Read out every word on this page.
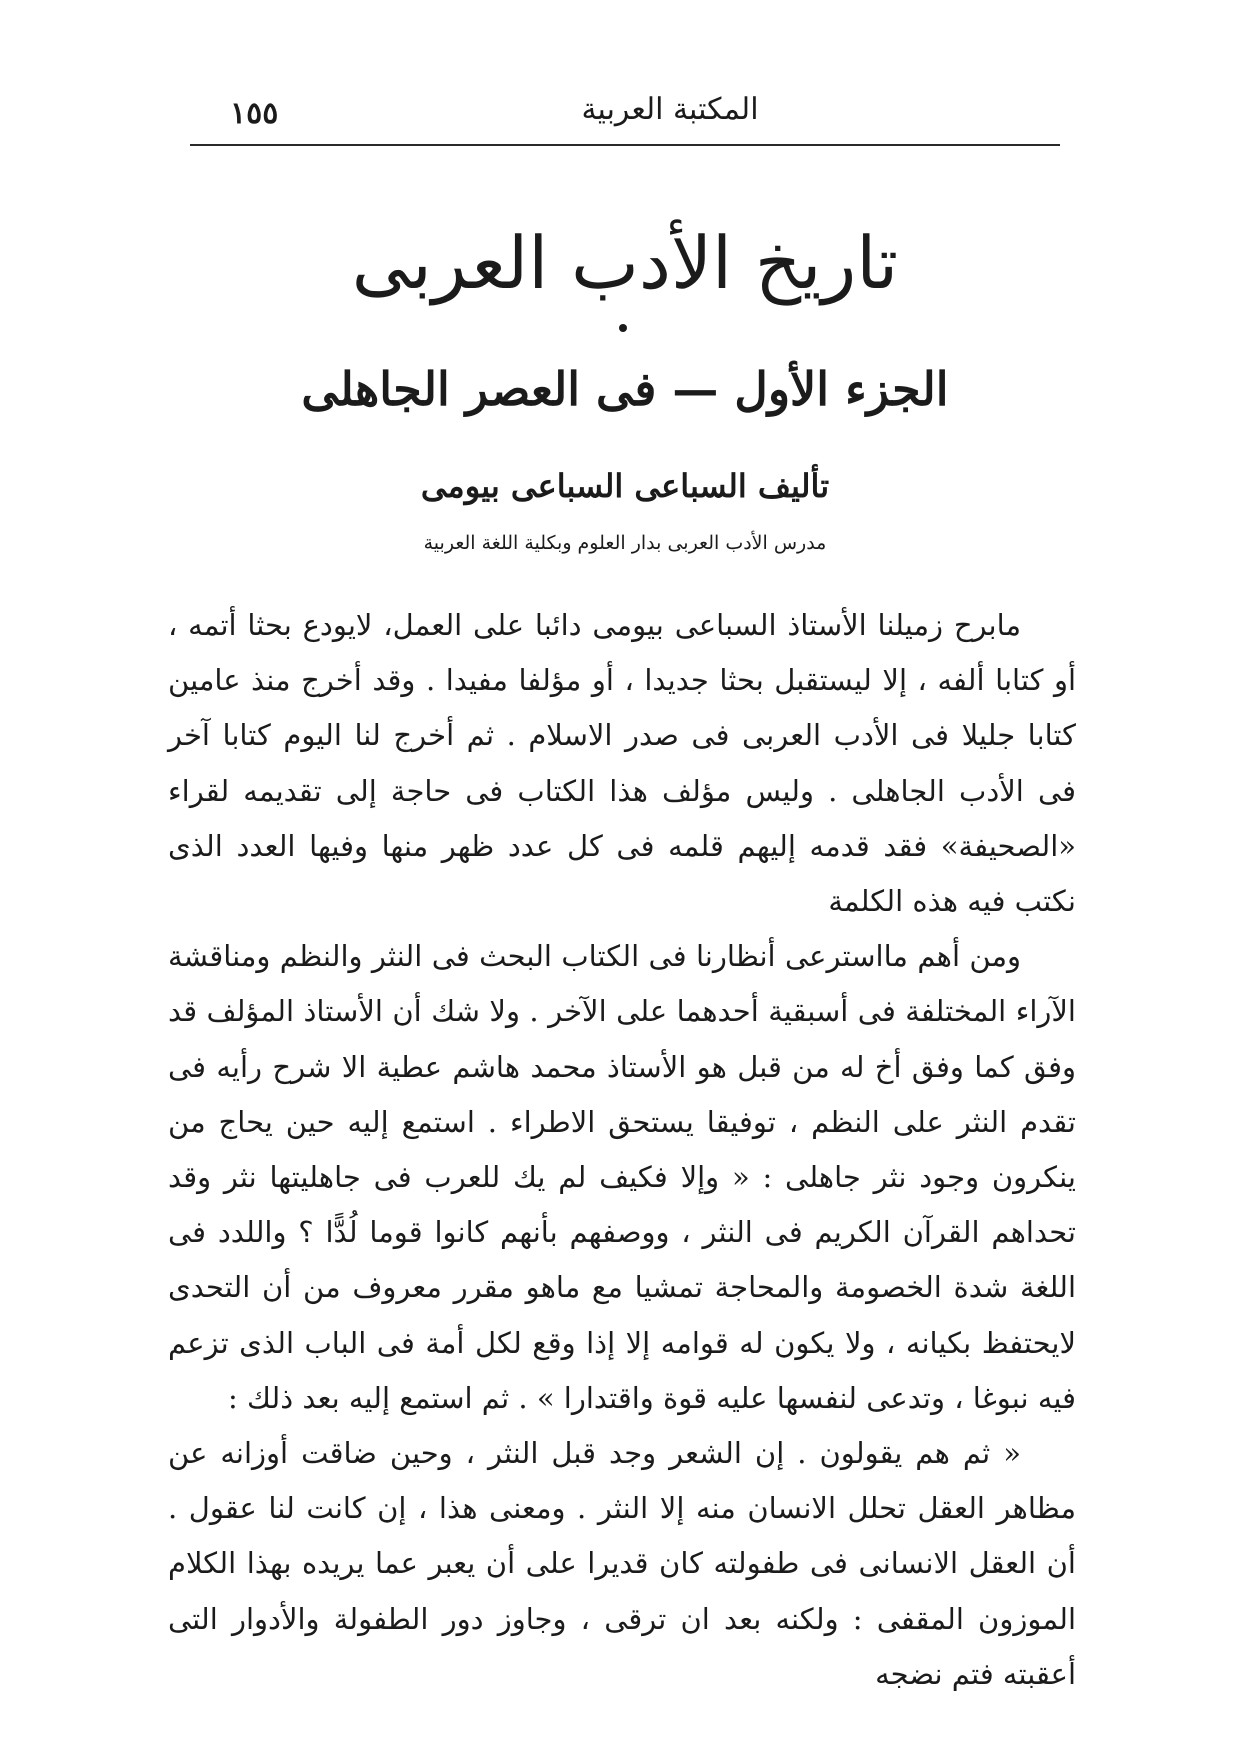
١٥٥	المكتبة العربية
تاريخ الأدب العربى
الجزء الأول — فى العصر الجاهلى
تأليف السباعى السباعى بيومى
مدرس الأدب العربى بدار العلوم وبكلية اللغة العربية

مابرح زميلنا الأستاذ السباعى بيومى دائبا على العمل، لايودع بحثا أتمه ، أو كتابا ألفه ، إلا ليستقبل بحثا جديدا ، أو مؤلفا مفيدا . وقد أخرج منذ عامين كتابا جليلا فى الأدب العربى فى صدر الاسلام . ثم أخرج لنا اليوم كتابا آخر فى الأدب الجاهلى . وليس مؤلف هذا الكتاب فى حاجة إلى تقديمه لقراء «الصحيفة» فقد قدمه إليهم قلمه فى كل عدد ظهر منها وفيها العدد الذى نكتب فيه هذه الكلمة

ومن أهم مااسترعى أنظارنا فى الكتاب البحث فى النثر والنظم ومناقشة الآراء المختلفة فى أسبقية أحدهما على الآخر . ولا شك أن الأستاذ المؤلف قد وفق كما وفق أخ له من قبل هو الأستاذ محمد هاشم عطية الا شرح رأيه فى تقدم النثر على النظم ، توفيقا يستحق الاطراء . استمع إليه حين يحاج من ينكرون وجود نثر جاهلى : « وإلا فكيف لم يك للعرب فى جاهليتها نثر وقد تحداهم القرآن الكريم فى النثر ، ووصفهم بأنهم كانوا قوما لُدًّا ؟ واللدد فى اللغة شدة الخصومة والمحاجة تمشيا مع ماهو مقرر معروف من أن التحدى لايحتفظ بكيانه ، ولا يكون له قوامه إلا إذا وقع لكل أمة فى الباب الذى تزعم فيه نبوغا ، وتدعى لنفسها عليه قوة واقتدارا » . ثم استمع إليه بعد ذلك :

« ثم هم يقولون . إن الشعر وجد قبل النثر ، وحين ضاقت أوزانه عن مظاهر العقل تحلل الانسان منه إلا النثر . ومعنى هذا ، إن كانت لنا عقول . أن العقل الانسانى فى طفولته كان قديرا على أن يعبر عما يريده بهذا الكلام الموزون المقفى : ولكنه بعد ان ترقى ، وجاوز دور الطفولة والأدوار التى أعقبته فتم نضجه
